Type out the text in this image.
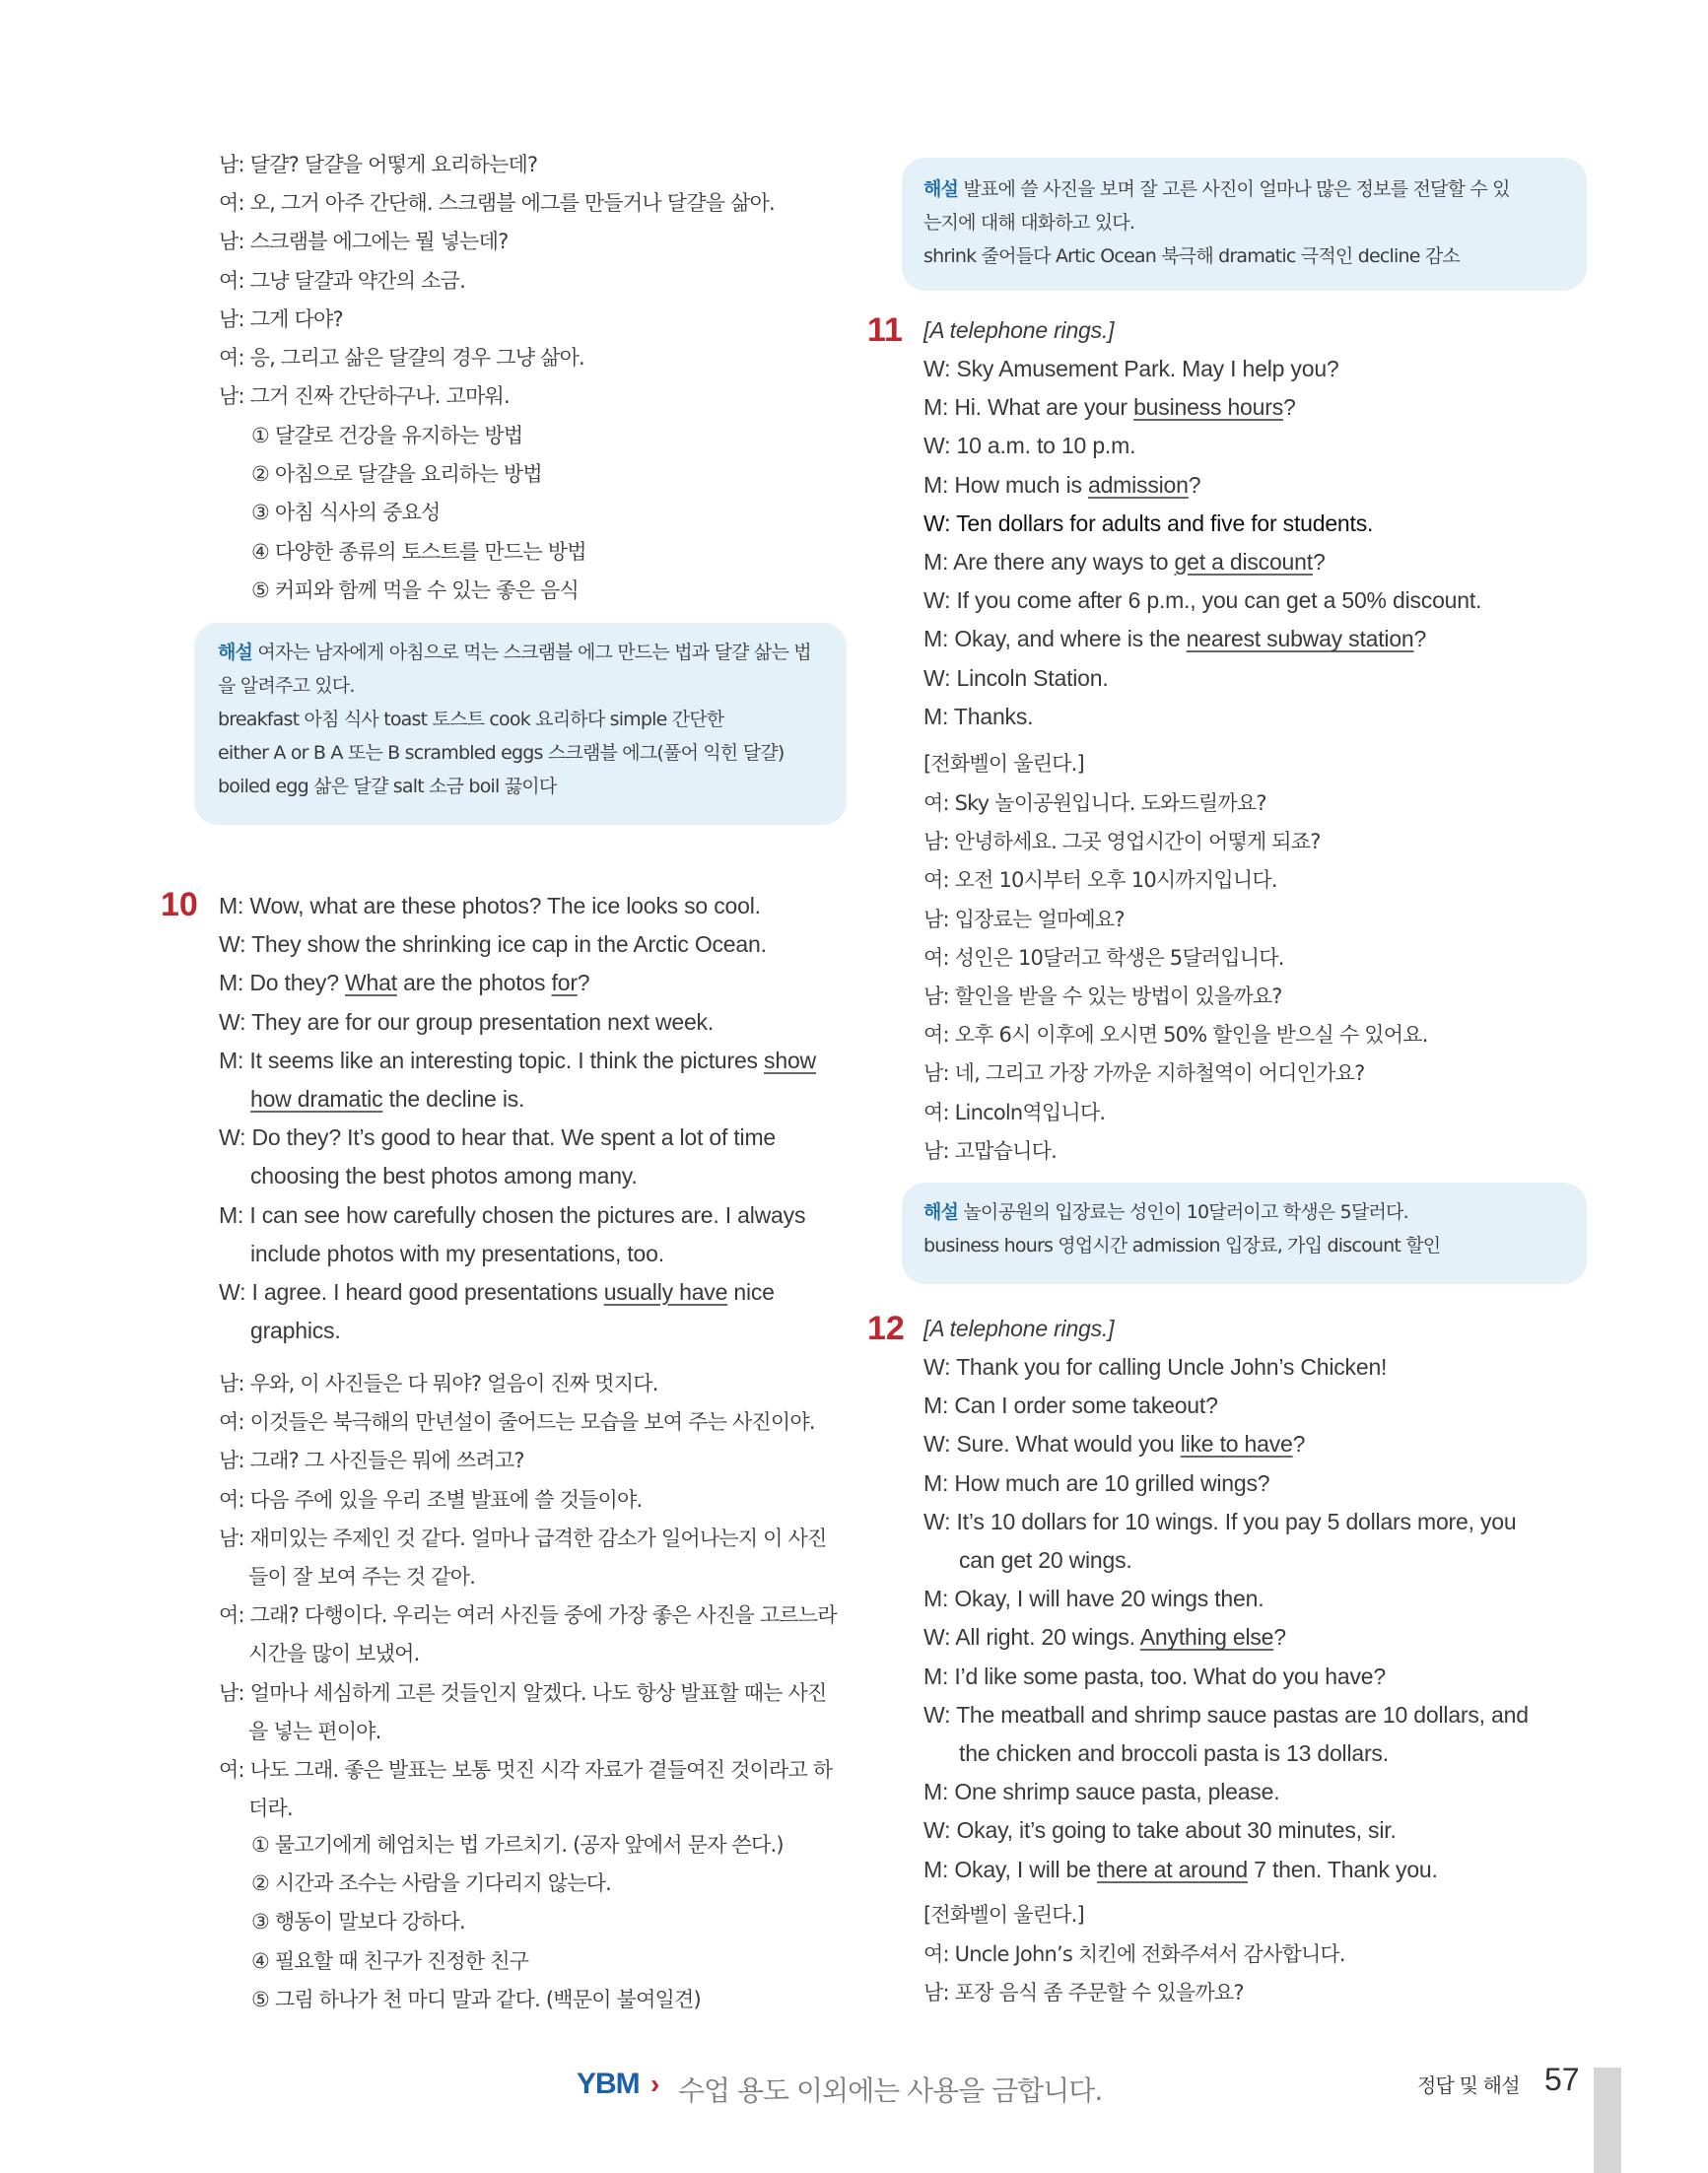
남: 달걀? 달걀을 어떻게 요리하는데?
여: 오, 그거 아주 간단해. 스크램블 에그를 만들거나 달걀을 삶아.
남: 스크램블 에그에는 뭘 넣는데?
여: 그냥 달걀과 약간의 소금.
남: 그게 다야?
여: 응, 그리고 삶은 달걀의 경우 그냥 삶아.
남: 그거 진짜 간단하구나. 고마워.
① 달걀로 건강을 유지하는 방법
② 아침으로 달걀을 요리하는 방법
③ 아침 식사의 중요성
④ 다양한 종류의 토스트를 만드는 방법
⑤ 커피와 함께 먹을 수 있는 좋은 음식
해설 여자는 남자에게 아침으로 먹는 스크램블 에그 만드는 법과 달걀 삶는 법
을 알려주고 있다.
breakfast 아침 식사 toast 토스트 cook 요리하다 simple 간단한
either A or B A 또는 B scrambled eggs 스크램블 에그(풀어 익힌 달걀)
boiled egg 삶은 달걀 salt 소금 boil 끓이다
10 M: Wow, what are these photos? The ice looks so cool.
W: They show the shrinking ice cap in the Arctic Ocean.
M: Do they? What are the photos for?
W: They are for our group presentation next week.
M: It seems like an interesting topic. I think the pictures show
how dramatic the decline is.
W: Do they? It’s good to hear that. We spent a lot of time
choosing the best photos among many.
M: I can see how carefully chosen the pictures are. I always
include photos with my presentations, too.
W: I agree. I heard good presentations usually have nice
graphics.
남: 우와, 이 사진들은 다 뭐야? 얼음이 진짜 멋지다.
여: 이것들은 북극해의 만년설이 줄어드는 모습을 보여 주는 사진이야.
남: 그래? 그 사진들은 뭐에 쓰려고?
여: 다음 주에 있을 우리 조별 발표에 쓸 것들이야.
남: 재미있는 주제인 것 같다. 얼마나 급격한 감소가 일어나는지 이 사진
들이 잘 보여 주는 것 같아.
여: 그래? 다행이다. 우리는 여러 사진들 중에 가장 좋은 사진을 고르느라
시간을 많이 보냈어.
남: 얼마나 세심하게 고른 것들인지 알겠다. 나도 항상 발표할 때는 사진
을 넣는 편이야.
여: 나도 그래. 좋은 발표는 보통 멋진 시각 자료가 곁들여진 것이라고 하
더라.
① 물고기에게 헤엄치는 법 가르치기. (공자 앞에서 문자 쓴다.)
② 시간과 조수는 사람을 기다리지 않는다.
③ 행동이 말보다 강하다.
④ 필요할 때 친구가 진정한 친구
⑤ 그림 하나가 천 마디 말과 같다. (백문이 불여일견)
해설 발표에 쓸 사진을 보며 잘 고른 사진이 얼마나 많은 정보를 전달할 수 있
는지에 대해 대화하고 있다.
shrink 줄어들다 Artic Ocean 북극해 dramatic 극적인 decline 감소
11 [A telephone rings.]
W: Sky Amusement Park. May I help you?
M: Hi. What are your business hours?
W: 10 a.m. to 10 p.m.
M: How much is admission?
W: Ten dollars for adults and five for students.
M: Are there any ways to get a discount?
W: If you come after 6 p.m., you can get a 50% discount.
M: Okay, and where is the nearest subway station?
W: Lincoln Station.
M: Thanks.
[전화벨이 울린다.]
여: Sky 놀이공원입니다. 도와드릴까요?
남: 안녕하세요. 그곳 영업시간이 어떻게 되죠?
여: 오전 10시부터 오후 10시까지입니다.
남: 입장료는 얼마예요?
여: 성인은 10달러고 학생은 5달러입니다.
남: 할인을 받을 수 있는 방법이 있을까요?
여: 오후 6시 이후에 오시면 50% 할인을 받으실 수 있어요.
남: 네, 그리고 가장 가까운 지하철역이 어디인가요?
여: Lincoln역입니다.
남: 고맙습니다.
해설 놀이공원의 입장료는 성인이 10달러이고 학생은 5달러다.
business hours 영업시간 admission 입장료, 가입 discount 할인
12 [A telephone rings.]
W: Thank you for calling Uncle John’s Chicken!
M: Can I order some takeout?
W: Sure. What would you like to have?
M: How much are 10 grilled wings?
W: It’s 10 dollars for 10 wings. If you pay 5 dollars more, you
can get 20 wings.
M: Okay, I will have 20 wings then.
W: All right. 20 wings. Anything else?
M: I’d like some pasta, too. What do you have?
W: The meatball and shrimp sauce pastas are 10 dollars, and
the chicken and broccoli pasta is 13 dollars.
M: One shrimp sauce pasta, please.
W: Okay, it’s going to take about 30 minutes, sir.
M: Okay, I will be there at around 7 then. Thank you.
[전화벨이 울린다.]
여: Uncle John’s 치킨에 전화주셔서 감사합니다.
남: 포장 음식 좀 주문할 수 있을까요?
YBM › 수업 용도 이외에는 사용을 금합니다.	정답 및 해설 57
